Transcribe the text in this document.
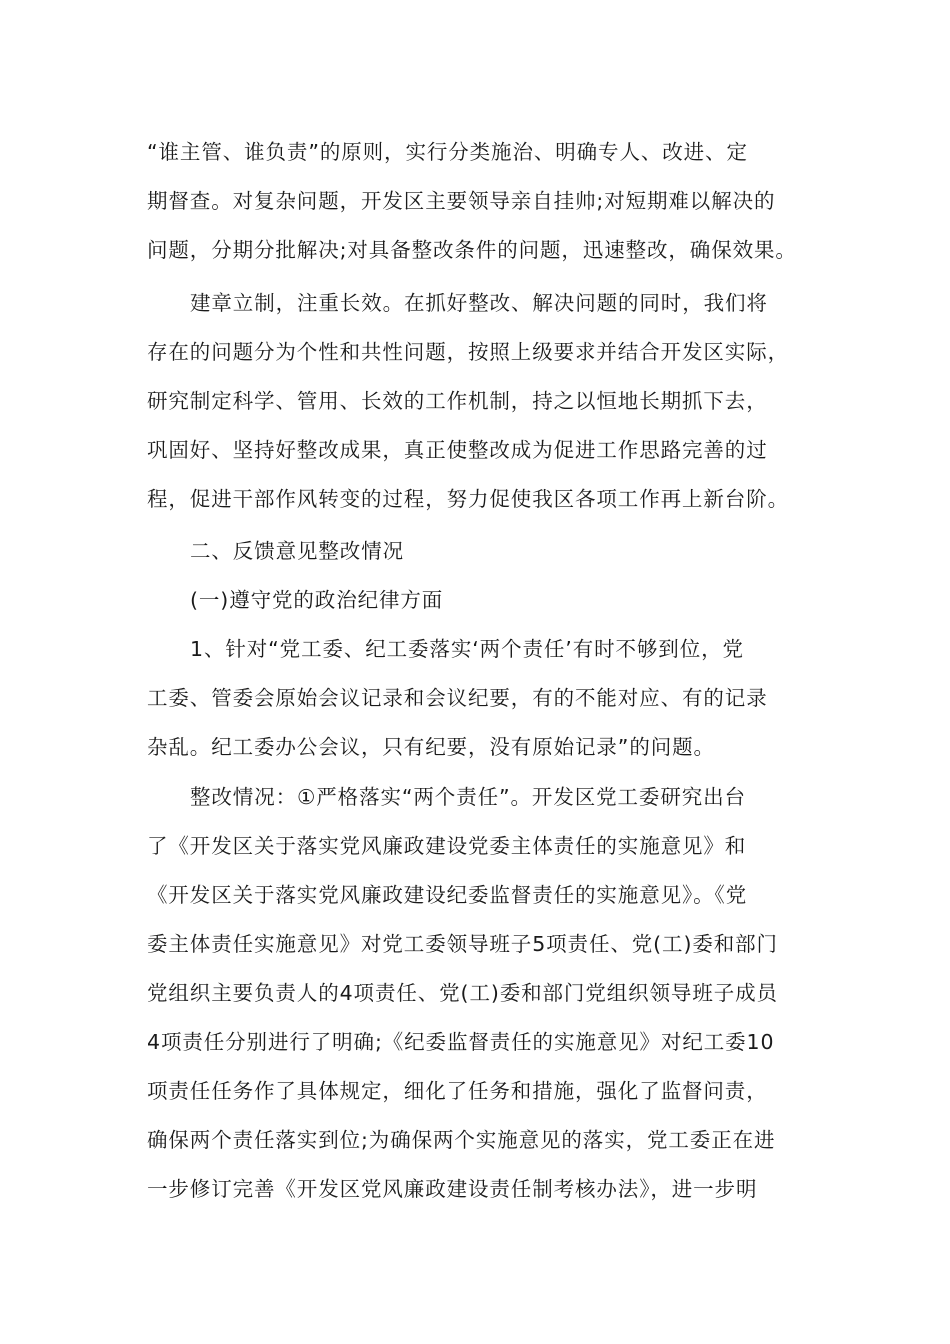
“谁主管、谁负责”的原则，实行分类施治、明确专人、改进、定

期督查。对复杂问题，开发区主要领导亲自挂帅;对短期难以解决的

问题，分期分批解决;对具备整改条件的问题，迅速整改，确保效果。

建章立制，注重长效。在抓好整改、解决问题的同时，我们将

存在的问题分为个性和共性问题，按照上级要求并结合开发区实际，

研究制定科学、管用、长效的工作机制，持之以恒地长期抓下去，

巩固好、坚持好整改成果，真正使整改成为促进工作思路完善的过

程，促进干部作风转变的过程，努力促使我区各项工作再上新台阶。

二、反馈意见整改情况

(一)遵守党的政治纪律方面

1、针对“党工委、纪工委落实‘两个责任’有时不够到位，党

工委、管委会原始会议记录和会议纪要，有的不能对应、有的记录

杂乱。纪工委办公会议，只有纪要，没有原始记录”的问题。

整改情况：①严格落实“两个责任”。开发区党工委研究出台

了《开发区关于落实党风廉政建设党委主体责任的实施意见》和

《开发区关于落实党风廉政建设纪委监督责任的实施意见》。《党

委主体责任实施意见》对党工委领导班子5项责任、党(工)委和部门

党组织主要负责人的4项责任、党(工)委和部门党组织领导班子成员

4项责任分别进行了明确;《纪委监督责任的实施意见》对纪工委10

项责任任务作了具体规定，细化了任务和措施，强化了监督问责，

确保两个责任落实到位;为确保两个实施意见的落实，党工委正在进

一步修订完善《开发区党风廉政建设责任制考核办法》，进一步明
